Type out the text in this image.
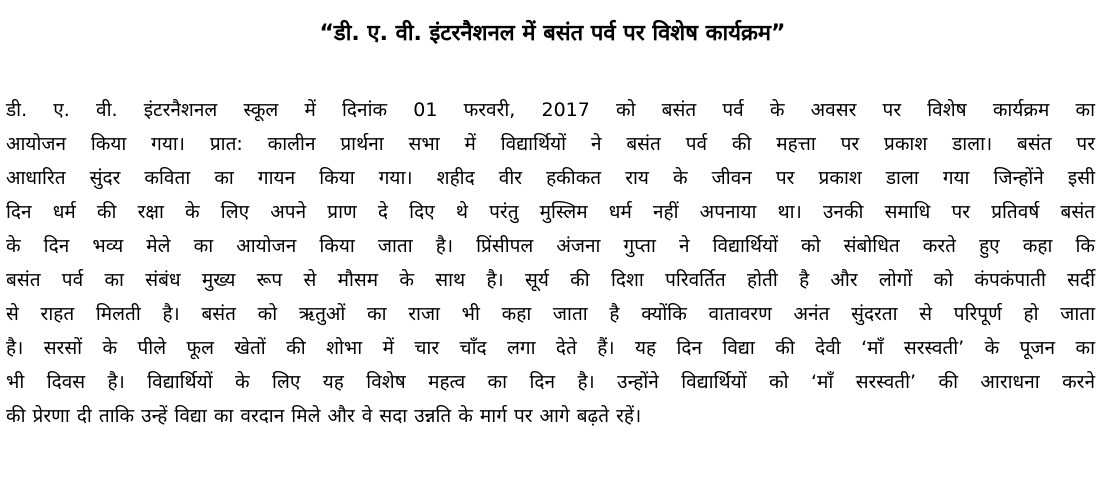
“डी. ए. वी. इंटरनैशनल में बसंत पर्व पर विशेष कार्यक्रम”
डी. ए. वी. इंटरनैशनल स्कूल में दिनांक 01 फरवरी, 2017 को बसंत पर्व के अवसर पर विशेष कार्यक्रम का
आयोजन किया गया। प्रात: कालीन प्रार्थना सभा में विद्यार्थियों ने बसंत पर्व की महत्ता पर प्रकाश डाला। बसंत पर
आधारित सुंदर कविता का गायन किया गया। शहीद वीर हकीकत राय के जीवन पर प्रकाश डाला गया जिन्होंने इसी
दिन धर्म की रक्षा के लिए अपने प्राण दे दिए थे परंतु मुस्लिम धर्म नहीं अपनाया था। उनकी समाधि पर प्रतिवर्ष बसंत
के दिन भव्य मेले का आयोजन किया जाता है। प्रिंसीपल अंजना गुप्ता ने विद्यार्थियों को संबोधित करते हुए कहा कि
बसंत पर्व का संबंध मुख्य रूप से मौसम के साथ है। सूर्य की दिशा परिवर्तित होती है और लोगों को कंपकंपाती सर्दी
से राहत मिलती है। बसंत को ऋतुओं का राजा भी कहा जाता है क्योंकि वातावरण अनंत सुंदरता से परिपूर्ण हो जाता
है। सरसों के पीले फूल खेतों की शोभा में चार चाँद लगा देते हैं। यह दिन विद्या की देवी ‘माँ सरस्वती’ के पूजन का
भी दिवस है। विद्यार्थियों के लिए यह विशेष महत्व का दिन है। उन्होंने विद्यार्थियों को ‘माँ सरस्वती’ की आराधना करने
की प्रेरणा दी ताकि उन्हें विद्या का वरदान मिले और वे सदा उन्नति के मार्ग पर आगे बढ़ते रहें।
